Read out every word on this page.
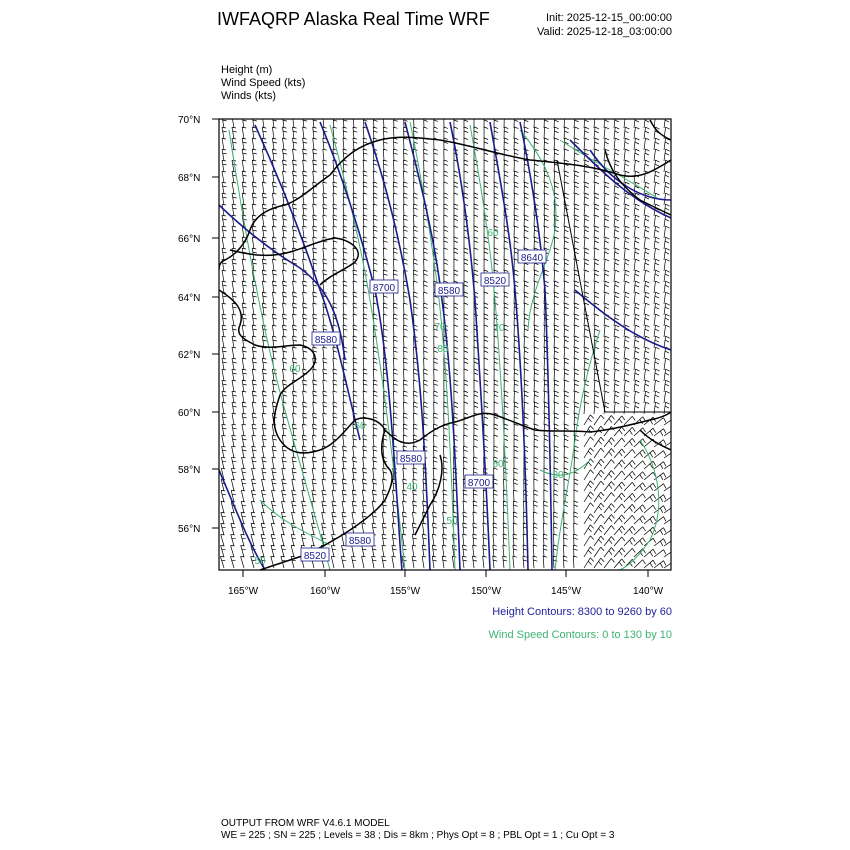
IWFAQRP Alaska Real Time WRF	Init: 2025-12-15_00:00:00
Valid: 2025-12-18_03:00:00
Height (m)
Wind Speed (kts)
Winds (kts)
70°N
68°N
66°N
64°N
62°N
60°N
58°N
56°N
165°W	160°W	155°W	150°W	145°W	140°W
8640
8700	8580
8580
8580
8700
8580
8520
8520
60
60
70
80
70
60
50
30
40
60
50
Height Contours: 8300 to 9260 by 60
Wind Speed Contours: 0 to 130 by 10
OUTPUT FROM WRF V4.6.1 MODEL
WE = 225 ; SN = 225 ; Levels = 38 ; Dis = 8km ; Phys Opt = 8 ; PBL Opt = 1 ; Cu Opt = 3
